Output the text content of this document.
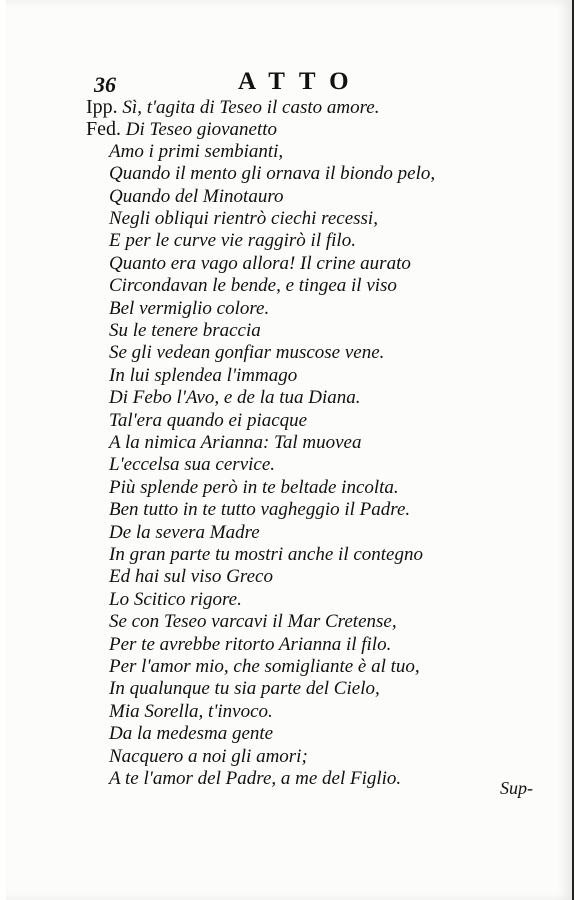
36	ATTO
Ipp. Sì, t'agita di Teseo il casto amore.
Fed. Di Teseo giovanetto
Amo i primi sembianti,
Quando il mento gli ornava il biondo pelo,
Quando del Minotauro
Negli obliqui rientrò ciechi recessi,
E per le curve vie raggirò il filo.
Quanto era vago allora! Il crine aurato
Circondavan le bende, e tingea il viso
Bel vermiglio colore.
Su le tenere braccia
Se gli vedean gonfiar muscose vene.
In lui splendea l'immago
Di Febo l'Avo, e de la tua Diana.
Tal'era quando ei piacque
A la nimica Arianna: Tal muovea
L'eccelsa sua cervice.
Più splende però in te beltade incolta.
Ben tutto in te tutto vagheggio il Padre.
De la severa Madre
In gran parte tu mostri anche il contegno
Ed hai sul viso Greco
Lo Scitico rigore.
Se con Teseo varcavi il Mar Cretense,
Per te avrebbe ritorto Arianna il filo.
Per l'amor mio, che somigliante è al tuo,
In qualunque tu sia parte del Cielo,
Mia Sorella, t'invoco.
Da la medesma gente
Nacquero a noi gli amori;
A te l'amor del Padre, a me del Figlio.	Sup-
